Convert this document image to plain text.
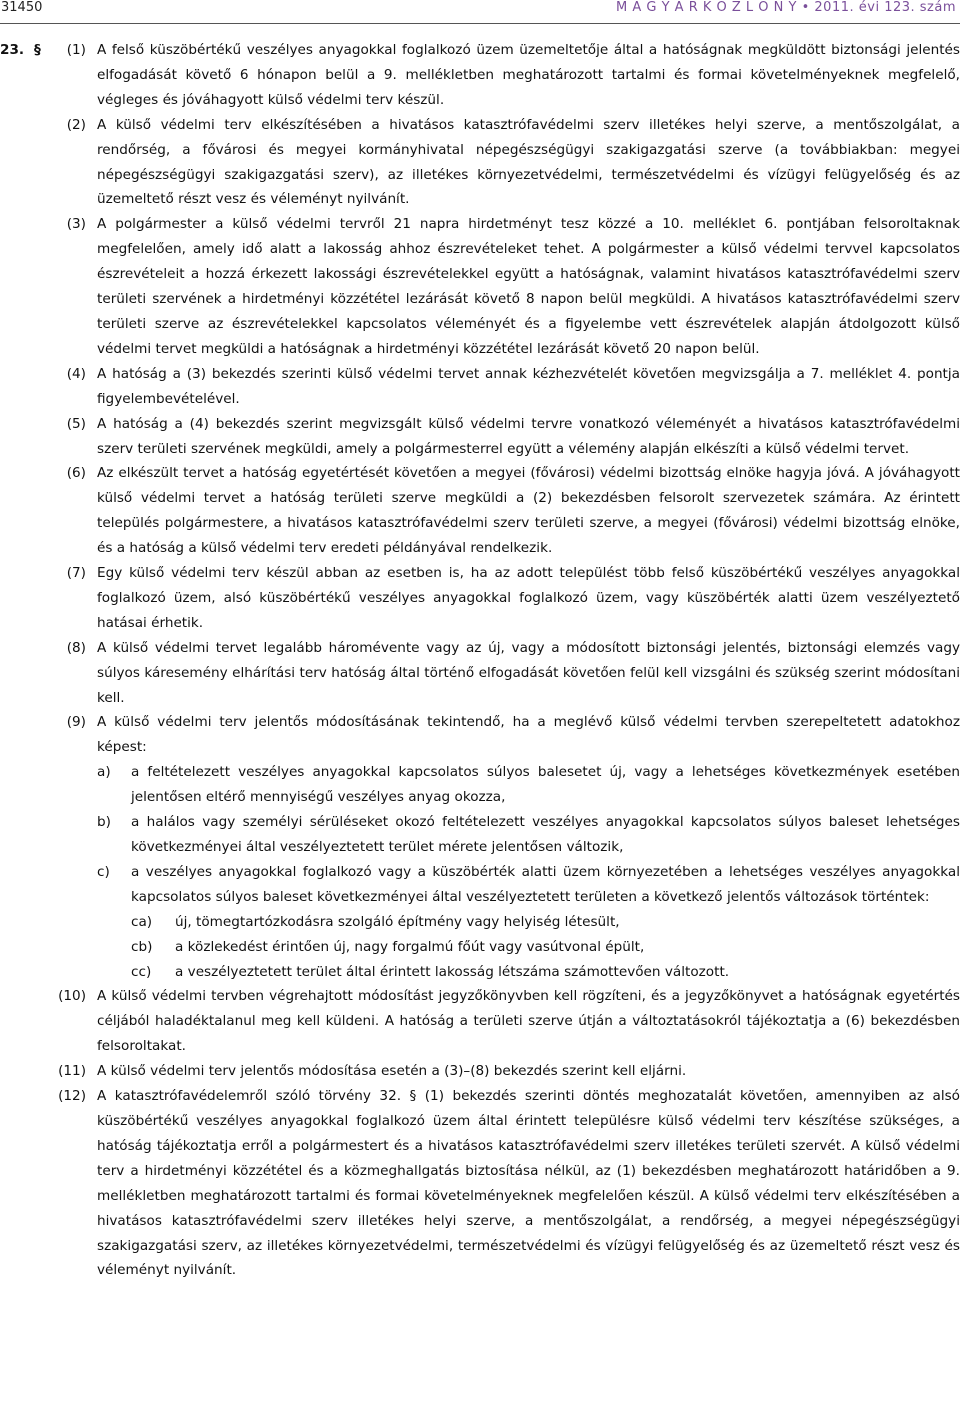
31450	M A G Y A R K Ö Z L Ö N Y • 2011. évi 123. szám

23. §	(1) A felső küszöbértékű veszélyes anyagokkal foglalkozó üzem üzemeltetője által a hatóságnak megküldött biztonsági jelentés elfogadását követő 6 hónapon belül a 9. mellékletben meghatározott tartalmi és formai követelményeknek megfelelő, végleges és jóváhagyott külső védelmi terv készül.

(2) A külső védelmi terv elkészítésében a hivatásos katasztrófavédelmi szerv illetékes helyi szerve, a mentőszolgálat, a rendőrség, a fővárosi és megyei kormányhivatal népegészségügyi szakigazgatási szerve (a továbbiakban: megyei népegészségügyi szakigazgatási szerv), az illetékes környezetvédelmi, természetvédelmi és vízügyi felügyelőség és az üzemeltető részt vesz és véleményt nyilvánít.

(3) A polgármester a külső védelmi tervről 21 napra hirdetményt tesz közzé a 10. melléklet 6. pontjában felsoroltaknak megfelelően, amely idő alatt a lakosság ahhoz észrevételeket tehet. A polgármester a külső védelmi tervvel kapcsolatos észrevételeit a hozzá érkezett lakossági észrevételekkel együtt a hatóságnak, valamint hivatásos katasztrófavédelmi szerv területi szervének a hirdetményi közzététel lezárását követő 8 napon belül megküldi. A hivatásos katasztrófavédelmi szerv területi szerve az észrevételekkel kapcsolatos véleményét és a figyelembe vett észrevételek alapján átdolgozott külső védelmi tervet megküldi a hatóságnak a hirdetményi közzététel lezárását követő 20 napon belül.

(4) A hatóság a (3) bekezdés szerinti külső védelmi tervet annak kézhezvételét követően megvizsgálja a 7. melléklet 4. pontja figyelembevételével.

(5) A hatóság a (4) bekezdés szerint megvizsgált külső védelmi tervre vonatkozó véleményét a hivatásos katasztrófavédelmi szerv területi szervének megküldi, amely a polgármesterrel együtt a vélemény alapján elkészíti a külső védelmi tervet.

(6) Az elkészült tervet a hatóság egyetértését követően a megyei (fővárosi) védelmi bizottság elnöke hagyja jóvá. A jóváhagyott külső védelmi tervet a hatóság területi szerve megküldi a (2) bekezdésben felsorolt szervezetek számára. Az érintett település polgármestere, a hivatásos katasztrófavédelmi szerv területi szerve, a megyei (fővárosi) védelmi bizottság elnöke, és a hatóság a külső védelmi terv eredeti példányával rendelkezik.

(7) Egy külső védelmi terv készül abban az esetben is, ha az adott települést több felső küszöbértékű veszélyes anyagokkal foglalkozó üzem, alsó küszöbértékű veszélyes anyagokkal foglalkozó üzem, vagy küszöbérték alatti üzem veszélyeztető hatásai érhetik.

(8) A külső védelmi tervet legalább háromévente vagy az új, vagy a módosított biztonsági jelentés, biztonsági elemzés vagy súlyos káresemény elhárítási terv hatóság által történő elfogadását követően felül kell vizsgálni és szükség szerint módosítani kell.

(9) A külső védelmi terv jelentős módosításának tekintendő, ha a meglévő külső védelmi tervben szerepeltetett adatokhoz képest:

a) a feltételezett veszélyes anyagokkal kapcsolatos súlyos balesetet új, vagy a lehetséges következmények esetében jelentősen eltérő mennyiségű veszélyes anyag okozza,

b) a halálos vagy személyi sérüléseket okozó feltételezett veszélyes anyagokkal kapcsolatos súlyos baleset lehetséges következményei által veszélyeztetett terület mérete jelentősen változik,

c) a veszélyes anyagokkal foglalkozó vagy a küszöbérték alatti üzem környezetében a lehetséges veszélyes anyagokkal kapcsolatos súlyos baleset következményei által veszélyeztetett területen a következő jelentős változások történtek:

ca) új, tömegtartózkodásra szolgáló építmény vagy helyiség létesült,

cb) a közlekedést érintően új, nagy forgalmú főút vagy vasútvonal épült,

cc) a veszélyeztetett terület által érintett lakosság létszáma számottevően változott.

(10) A külső védelmi tervben végrehajtott módosítást jegyzőkönyvben kell rögzíteni, és a jegyzőkönyvet a hatóságnak egyetértés céljából haladéktalanul meg kell küldeni. A hatóság a területi szerve útján a változtatásokról tájékoztatja a (6) bekezdésben felsoroltakat.

(11) A külső védelmi terv jelentős módosítása esetén a (3)–(8) bekezdés szerint kell eljárni.

(12) A katasztrófavédelemről szóló törvény 32. § (1) bekezdés szerinti döntés meghozatalát követően, amennyiben az alsó küszöbértékű veszélyes anyagokkal foglalkozó üzem által érintett településre külső védelmi terv készítése szükséges, a hatóság tájékoztatja erről a polgármestert és a hivatásos katasztrófavédelmi szerv illetékes területi szervét. A külső védelmi terv a hirdetményi közzététel és a közmeghallgatás biztosítása nélkül, az (1) bekezdésben meghatározott határidőben a 9. mellékletben meghatározott tartalmi és formai követelményeknek megfelelően készül. A külső védelmi terv elkészítésében a hivatásos katasztrófavédelmi szerv illetékes helyi szerve, a mentőszolgálat, a rendőrség, a megyei népegészségügyi szakigazgatási szerv, az illetékes környezetvédelmi, természetvédelmi és vízügyi felügyelőség és az üzemeltető részt vesz és véleményt nyilvánít.
